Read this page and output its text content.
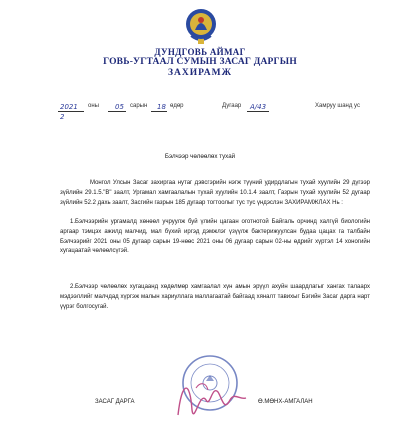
ДУНДГОВЬ АЙМАГ
ГОВЬ-УГТААЛ СУМЫН ЗАСАГ ДАРГЫН
ЗАХИРАМЖ
2021 оны 05 сарын 18 өдөр	Дугаар А/43	Хамруу шанд ус
2
Бэлчээр чөлөөлөх тухай
Монгол Улсын Засаг захиргаа нутаг дэвсгэрийн нэгж түүний удирдлагын тухай хуулийн 29 дүгээр зүйлийн 29.1.5."В" заалт, Ургамал хамгаалалын тухай хуулийн 10.1.4 заалт, Газрын тухай хуулийн 52 дугаар зүйлийн 52.2 дахь заалт, Засгийн газрын 185 дугаар тогтоолыг тус тус үндэслэн ЗАХИРАМЖЛАХ Нь :
1.Бэлчээрийн ургамалд хөнөөл учруулж буй үлийн цагаан оготнотой Байгаль орчинд халгүй биологийн аргаар тэмцэх ажилд малчид, мал бүхий иргэд дэмжлэг үзүүлж бактерижуулсан будаа цацах га талбайн Бэлчээрийг 2021 оны 05 дугаар сарын 19-нөөс 2021 оны 06 дугаар сарын 02-ны өдрийг хүртэл 14 хоногийн хугацаатай чөлөөлсүгэй.
2.Бэлчээр чөлөөлөх хугацаанд хөдөлмөр хамгаалал хүн амын эрүүл ахуйн шаардлагыг хангах талаарх мэдээллийг малчдад хүргэж малын хариуллага маллагаатай байгаад хяналт тавихыг Бэгийн Засаг дарга нарт үүрэг болгосугай.
ЗАСАГ ДАРГА	Ө.МӨНХ-АМГАЛАН
